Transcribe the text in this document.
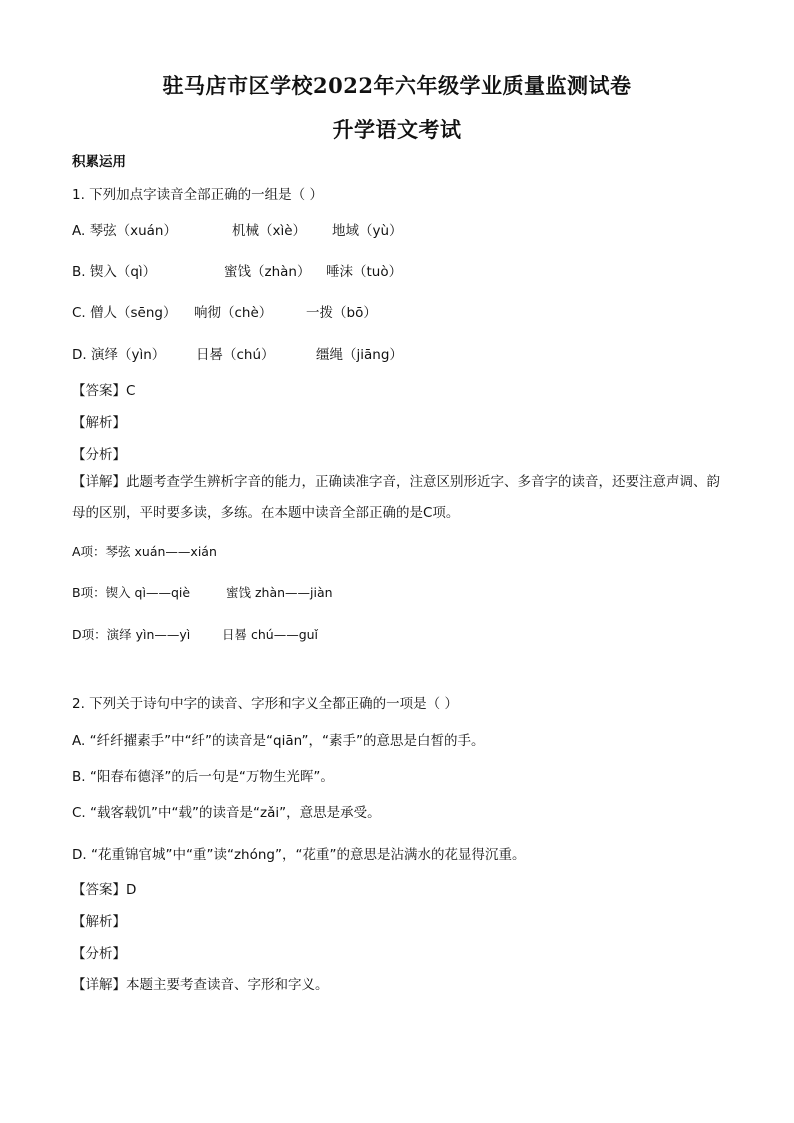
驻马店市区学校2022年六年级学业质量监测试卷
升学语文考试
积累运用
1. 下列加点字读音全部正确的一组是（ ）
A. 琴弦（xuán）	机械（xìè） 地域（yù）
B. 锲入（qì）	蜜饯（zhàn） 唾沫（tuò）
C. 僧人（sēng） 响彻（chè） 一拨（bō）
D. 演绎（yìn） 日晷（chú）	缰绳（jiāng）
【答案】C
【解析】
【分析】
【详解】此题考查学生辨析字音的能力，正确读准字音，注意区别形近字、多音字的读音，还要注意声调、韵母的区别，平时要多读，多练。在本题中读音全部正确的是C项。
A项：琴弦 xuán——xián
B项：锲入 qì——qiè	蜜饯 zhàn——jiàn
D项：演绎 yìn——yì	日晷 chú——guǐ
2. 下列关于诗句中字的读音、字形和字义全都正确的一项是（ ）
A. “纤纤擢素手”中“纤”的读音是“qiān”，“素手”的意思是白皙的手。
B. “阳春布德泽”的后一句是“万物生光晖”。
C. “载客载饥”中“载”的读音是“zǎi”，意思是承受。
D. “花重锦官城”中“重”读“zhóng”，“花重”的意思是沾满水的花显得沉重。
【答案】D
【解析】
【分析】
【详解】本题主要考查读音、字形和字义。
